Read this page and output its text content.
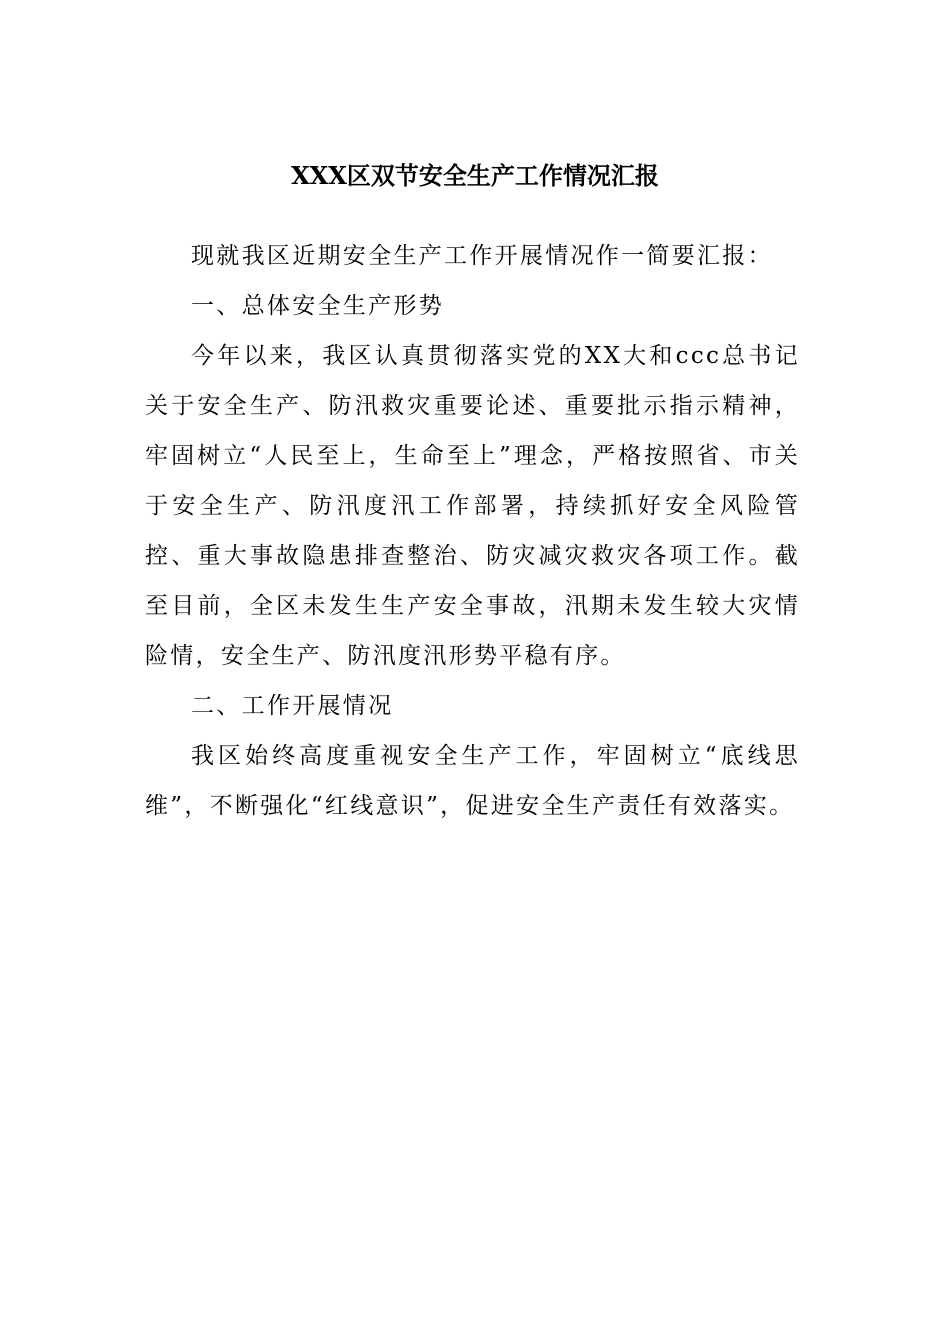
XXX区双节安全生产工作情况汇报

现就我区近期安全生产工作开展情况作一简要汇报：

一、总体安全生产形势

今年以来，我区认真贯彻落实党的XX大和ccc总书记关于安全生产、防汛救灾重要论述、重要批示指示精神，牢固树立“人民至上，生命至上”理念，严格按照省、市关于安全生产、防汛度汛工作部署，持续抓好安全风险管控、重大事故隐患排查整治、防灾减灾救灾各项工作。截至目前，全区未发生生产安全事故，汛期未发生较大灾情险情，安全生产、防汛度汛形势平稳有序。

二、工作开展情况

我区始终高度重视安全生产工作，牢固树立“底线思维”，不断强化“红线意识”，促进安全生产责任有效落实。
